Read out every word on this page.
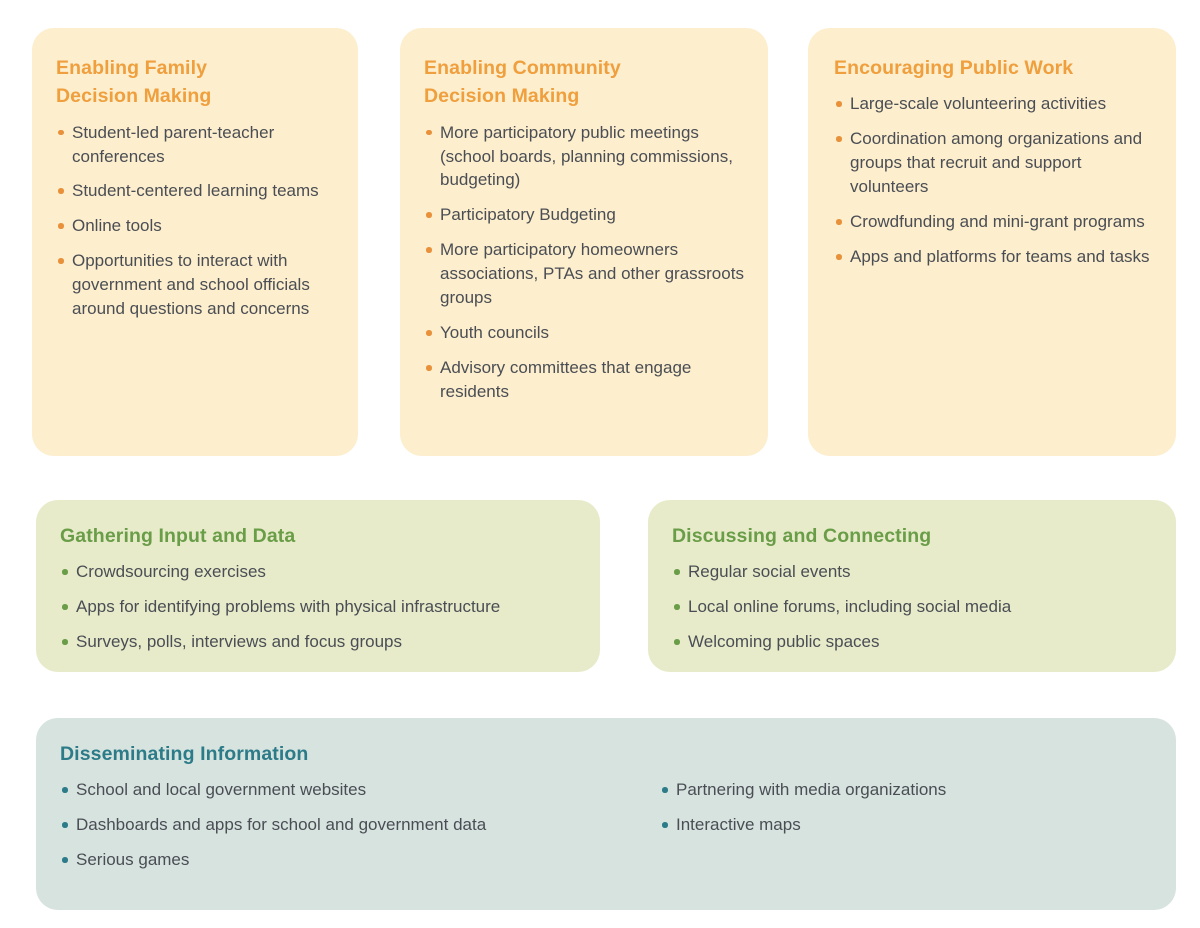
Enabling Family
Decision Making
Student-led parent-teacher conferences
Student-centered learning teams
Online tools
Opportunities to interact with government and school officials around questions and concerns
Enabling Community
Decision Making
More participatory public meetings (school boards, planning commissions, budgeting)
Participatory Budgeting
More participatory homeowners associations, PTAs and other grassroots groups
Youth councils
Advisory committees that engage residents
Encouraging Public Work
Large-scale volunteering activities
Coordination among organizations and groups that recruit and support volunteers
Crowdfunding and mini-grant programs
Apps and platforms for teams and tasks
Gathering Input and Data
Crowdsourcing exercises
Apps for identifying problems with physical infrastructure
Surveys, polls, interviews and focus groups
Discussing and Connecting
Regular social events
Local online forums, including social media
Welcoming public spaces
Disseminating Information
School and local government websites
Dashboards and apps for school and government data
Serious games
Partnering with media organizations
Interactive maps
